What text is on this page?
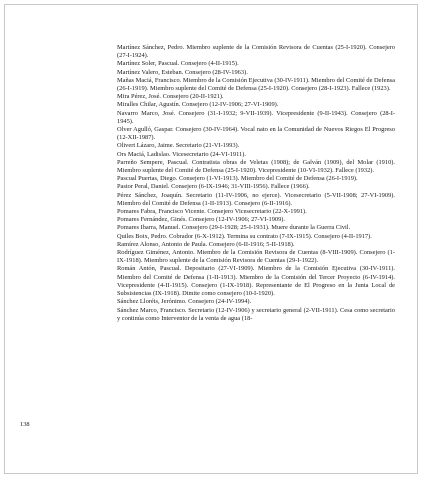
Martínez Sánchez, Pedro. Miembro suplente de la Comisión Revisora de Cuentas (25-I-1920). Consejero (27-I-1924).

Martínez Soler, Pascual. Consejero (4-II-1915).

Martínez Valero, Esteban. Consejero (28-IV-1963).

Mañas Maciá, Francisco. Miembro de la Comisión Ejecutiva (30-IV-1911). Miembro del Comité de Defensa (26-I-1919). Miembro suplente del Comité de Defensa (25-I-1920). Consejero (28-I-1923). Fallece (1923).

Mira Pérez, José. Consejero (20-II-1921).

Miralles Chilar, Agustín. Consejero (12-IV-1906; 27-VI-1909).

Navarro Marco, José. Consejero (31-I-1932; 9-VII-1939). Vicepresidente (9-II-1943). Consejero (28-I-1945).

Olver Agulló, Gaspar. Consejero (30-IV-1964). Vocal nato en la Comunidad de Nuevos Riegos El Progreso (12-XII-1987).

Olivert Lázaro, Jaime. Secretario (21-VI-1993).

Ors Maciá, Ladislao. Vicesecretario (24-VI-1911).

Parreño Sempere, Pascual. Contratista obras de Veletas (1908); de Galván (1909), del Molar (1910). Miembro suplente del Comité de Defensa (25-I-1920). Vicepresidente (10-VI-1932). Fallece (1932).

Pascual Puertas, Diego. Consejero (1-VI-1913). Miembro del Comité de Defensa (26-I-1919).

Pastor Peral, Daniel. Consejero (6-IX-1946; 31-VIII-1956). Fallece (1966).

Pérez Sánchez, Joaquín. Secretario (11-IV-1906, no ejerce). Vicesecretario (5-VII-1908; 27-VI-1909). Miembro del Comité de Defensa (1-II-1913). Consejero (6-II-1916).

Pomares Fabra, Francisco Vicente. Consejero Vicesecretario (22-X-1991).

Pomares Fernández, Ginés. Consejero (12-IV-1906; 27-VI-1909).

Pomares Ibarra, Manuel. Consejero (29-I-1928; 25-I-1931). Muere durante la Guerra Civil.

Quiles Boix, Pedro. Cobrador (6-X-1912). Termina su contrato (7-IX-1915). Consejero (4-II-1917).

Ramírez Alonso, Antonio de Paula. Consejero (6-II-1916; 5-II-1918).

Rodríguez Giménez, Antonio. Miembro de la Comisión Revisora de Cuentas (8-VIII-1909). Consejero (1-IX-1918). Miembro suplente de la Comisión Revisora de Cuentas (29-I-1922).

Román Antón, Pascual. Depositario (27-VI-1909). Miembro de la Comisión Ejecutiva (30-IV-1911). Miembro del Comité de Defensa (1-II-1913). Miembro de la Comisión del Tercer Proyecto (6-IV-1914). Vicepresidente (4-II-1915). Consejero (1-IX-1918). Representante de El Progreso en la Junta Local de Subsistencias (IX-1918). Dimite como consejero (10-I-1920).

Sánchez Lloréis, Jerónimo. Consejero (24-IV-1994).

Sánchez Marco, Francisco. Secretario (12-IV-1906) y secretario general (2-VII-1911). Cesa como secretario y continúa como Interventor de la venta de agua (18-

138
